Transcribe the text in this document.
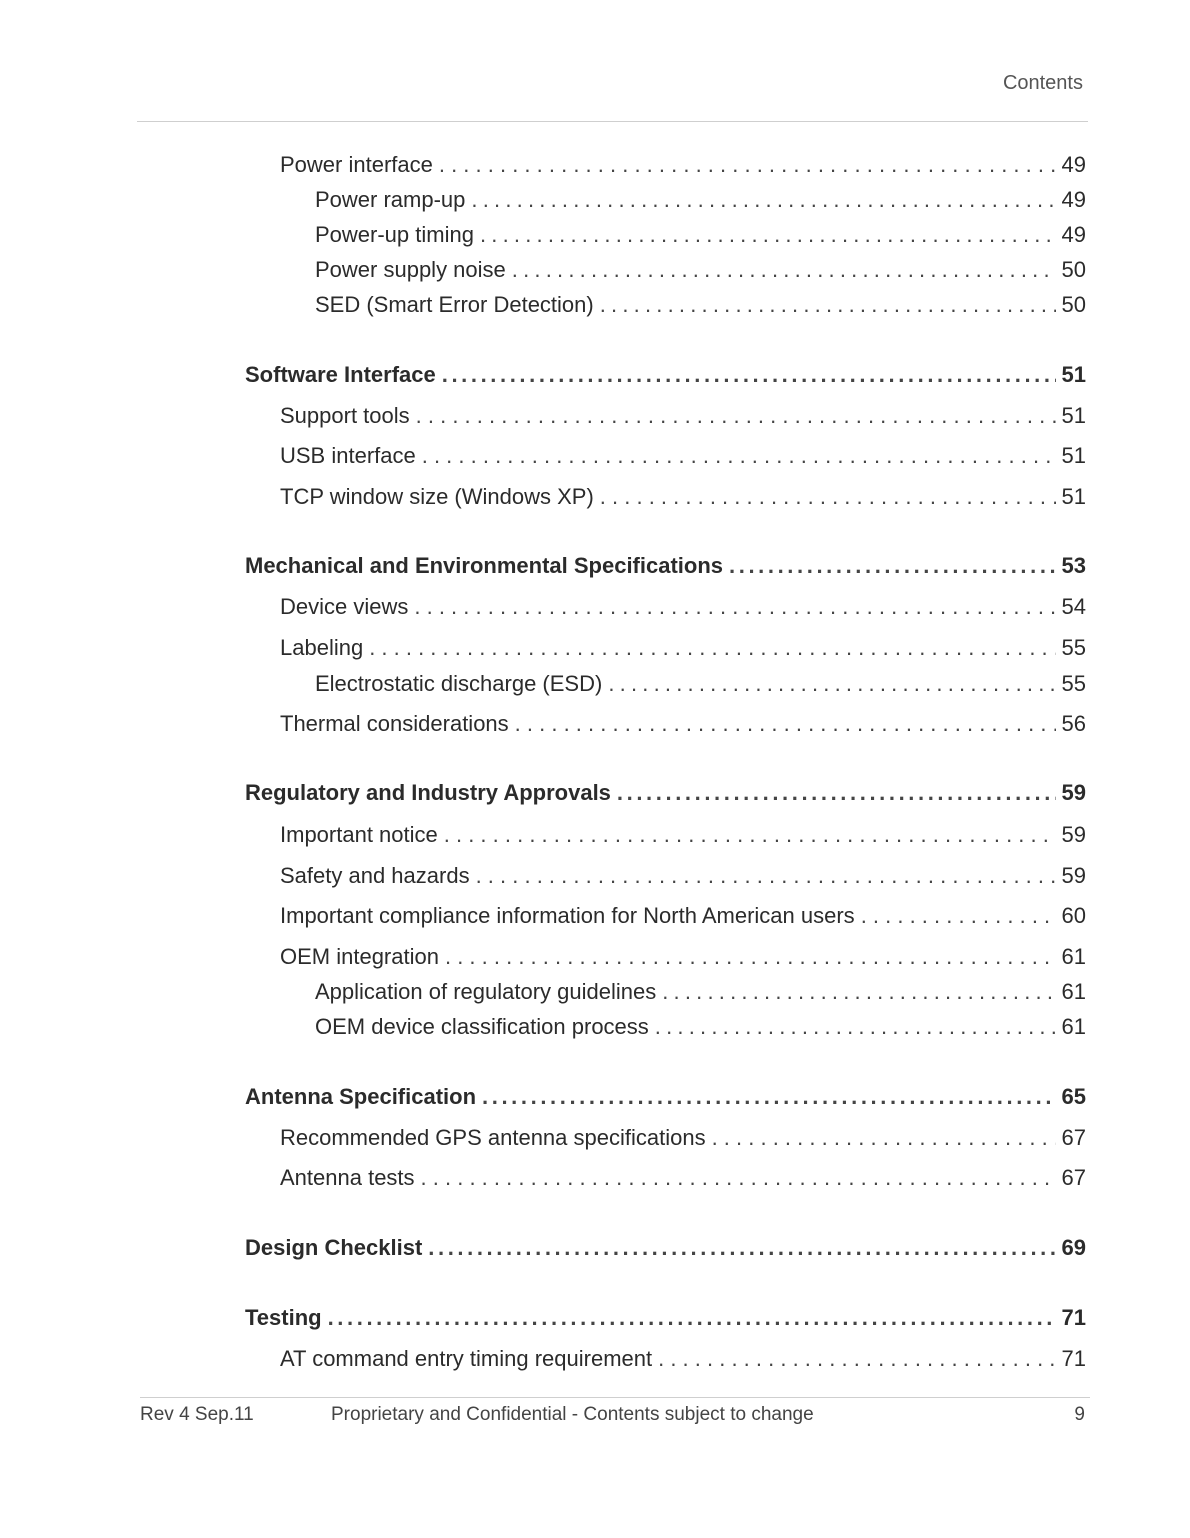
Contents
Power interface . . .	49
Power ramp-up .....	49
Power-up timing .....	49
Power supply noise .....	50
SED (Smart Error Detection) .....	50
Software Interface .....	51
Support tools . . .	51
USB interface . . .	51
TCP window size (Windows XP) . . .	51
Mechanical and Environmental Specifications .....	53
Device views . . .	54
Labeling . . .	55
Electrostatic discharge (ESD) .....	55
Thermal considerations . . .	56
Regulatory and Industry Approvals .....	59
Important notice . . .	59
Safety and hazards . . .	59
Important compliance information for North American users . . .	60
OEM integration . . .	61
Application of regulatory guidelines .....	61
OEM device classification process .....	61
Antenna Specification .....	65
Recommended GPS antenna specifications . . .	67
Antenna tests . . .	67
Design Checklist .....	69
Testing .....	71
AT command entry timing requirement . . .	71
Rev 4 Sep.11	Proprietary and Confidential - Contents subject to change	9
